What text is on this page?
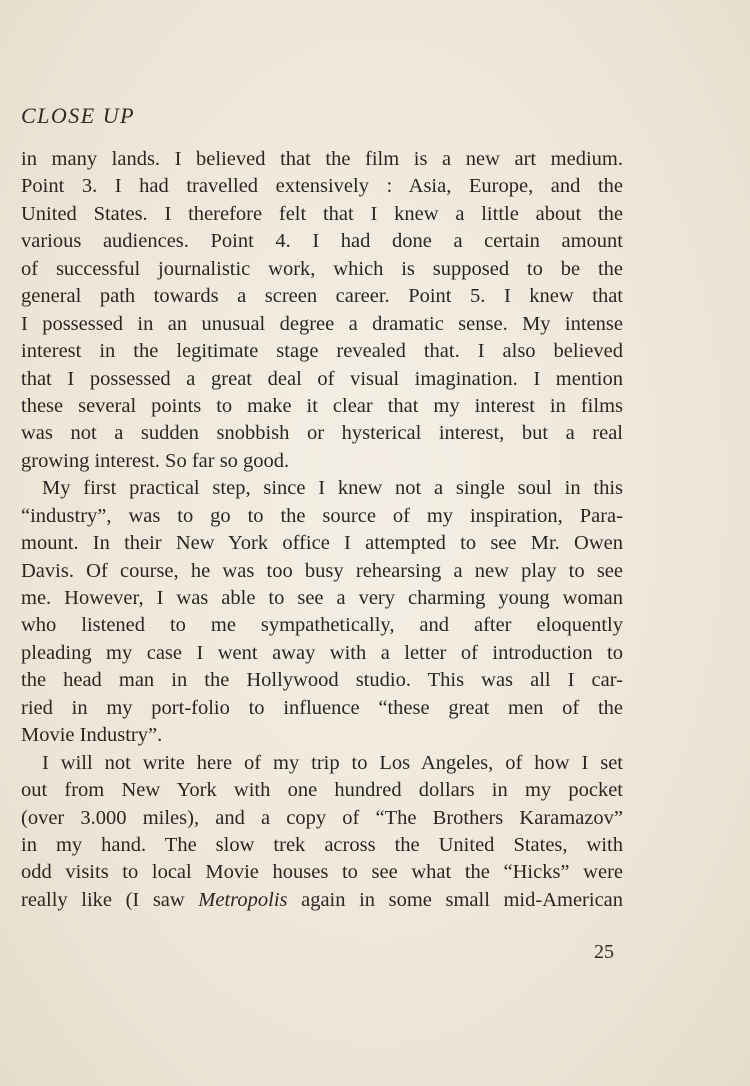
CLOSE UP
in many lands. I believed that the film is a new art medium.
Point 3. I had travelled extensively : Asia, Europe, and the
United States. I therefore felt that I knew a little about the
various audiences. Point 4. I had done a certain amount
of successful journalistic work, which is supposed to be the
general path towards a screen career. Point 5. I knew that
I possessed in an unusual degree a dramatic sense. My intense
interest in the legitimate stage revealed that. I also believed
that I possessed a great deal of visual imagination. I mention
these several points to make it clear that my interest in films
was not a sudden snobbish or hysterical interest, but a real
growing interest. So far so good.
My first practical step, since I knew not a single soul in this
“industry”, was to go to the source of my inspiration, Para-
mount. In their New York office I attempted to see Mr. Owen
Davis. Of course, he was too busy rehearsing a new play to see
me. However, I was able to see a very charming young woman
who listened to me sympathetically, and after eloquently
pleading my case I went away with a letter of introduction to
the head man in the Hollywood studio. This was all I car-
ried in my port-folio to influence “these great men of the
Movie Industry”.
I will not write here of my trip to Los Angeles, of how I set
out from New York with one hundred dollars in my pocket
(over 3.000 miles), and a copy of “The Brothers Karamazov”
in my hand. The slow trek across the United States, with
odd visits to local Movie houses to see what the “Hicks” were
really like (I saw Metropolis again in some small mid-American
25
